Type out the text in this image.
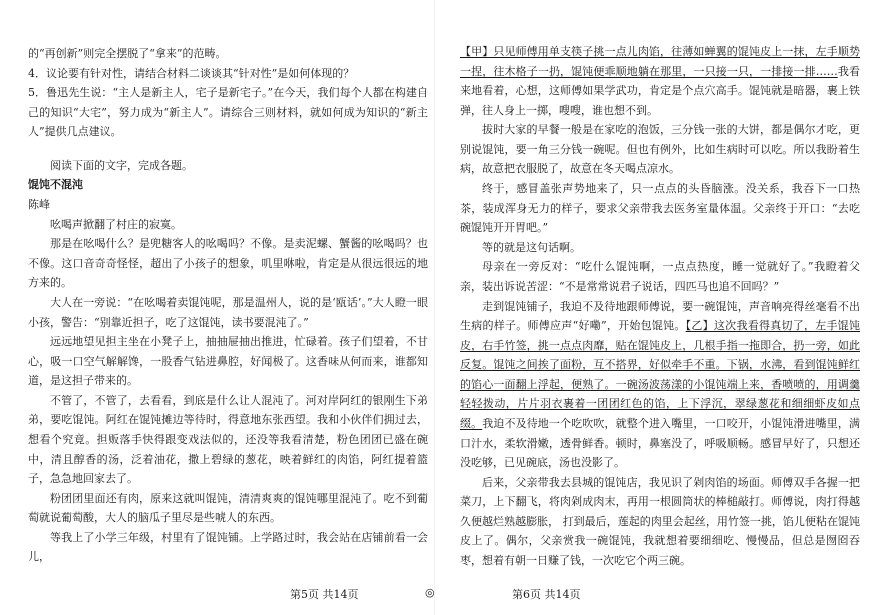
的“再创新”则完全摆脱了“拿来”的范畴。

4．议论要有针对性，请结合材料二谈谈其“针对性”是如何体现的？

5．鲁迅先生说：“主人是新主人，宅子是新宅子。”在今天，我们每个人都在构建自己的知识“大宅”，努力成为“新主人”。请综合三则材料，就如何成为知识的“新主人”提供几点建议。

阅读下面的文字，完成各题。

馄饨不混沌

陈峰

吆喝声掀翻了村庄的寂寞。

那是在吆喝什么？是兜糖客人的吆喝吗？不像。是卖泥螺、蟹酱的吆喝吗？也不像。这口音奇奇怪怪，超出了小孩子的想象，叽里咻啦，肯定是从很远很远的地方来的。

大人在一旁说：“在吆喝着卖馄饨呢，那是温州人，说的是‘瓯话’。”大人瞪一眼小孩，警告：“别靠近担子，吃了这馄饨，读书要混沌了。”

远远地望见担主坐在小凳子上，抽抽屉抽出推进，忙碌着。孩子们望着，不甘心，吸一口空气解解馋，一股香气钻进鼻腔，好闻极了。这香味从何而来，谁都知道，是这担子带来的。

不管了，不管了，去看看，到底是什么让人混沌了。河对岸阿红的银刚生下弟弟，要吃馄饨。阿红在馄饨摊边等待时，得意地东张西望。我和小伙伴们拥过去，想看个究竟。担贩落手快得跟变戏法似的，还没等我看清楚，粉色团团已盛在碗中，清且醇香的汤，泛着油花，撒上碧绿的葱花，映着鲜红的肉馅，阿红提着篮子，急急地回家去了。

粉团团里面还有肉，原来这就叫馄饨，清清爽爽的馄饨哪里混沌了。吃不到葡萄就说葡萄酸，大人的脑瓜子里尽是些唬人的东西。

等我上了小学三年级，村里有了馄饨铺。上学路过时，我会站在店铺前看一会儿，

【甲】只见师傅用单支筷子挑一点儿肉馅，往薄如蝉翼的馄饨皮上一抹，左手顺势一捏，往木格子一扔，馄饨便乖顺地躺在那里，一只接一只，一排接一排……我看来地看着，心想，这师傅如果学武功，肯定是个点穴高手。馄饨就是暗器，裹上铁弹，往人身上一掷，嗖嗖，谁也想不到。

拔时大家的早餐一般是在家吃的泡饭，三分钱一张的大饼，都是偶尔才吃，更别说馄饨，要一角三分钱一碗呢。但也有例外，比如生病时可以吃。所以我盼着生病，故意把衣服脱了，故意在冬天喝点凉水。

终于，感冒盖张声势地来了，只一点点的头昏脑涨。没关系，我吞下一口热茶，装成浑身无力的样子，要求父亲带我去医务室量体温。父亲终于开口：“去吃碗馄饨开开胃吧。”

等的就是这句话啊。

母亲在一旁反对：“吃什么馄饨啊，一点点热度，睡一觉就好了。”我瞪着父亲，装出诉说苦涩：“不是常常说君子说话，四匹马也追不回吗？”

走到馄饨铺子，我迫不及待地跟师傅说，要一碗馄饨，声音响亮得丝毫看不出生病的样子。师傅应声“好嘞”，开始包馄饨。【乙】这次我看得真切了，左手馄饨皮，右手竹签，挑一点点肉靡，贴在馄饨皮上，几根手指一拖即合，扔一旁，如此反复。馄饨之间挨了面粉，互不搭界，好似牵手不重。下锅，水沸，看到馄饨鲜红的馅心一面翻上浮起，便熟了。一碗汤波荡漾的小馄饨端上来，香喷喷的，用调羹轻轻拨动，片片羽衣裹着一团团红色的馅，上下浮沉，翠绿葱花和细细虾皮如点缀。我迫不及待地一个吃吹吹，就整个进入嘴里，一口咬开，小馄饨滑进嘴里，满口汁水，柔软滑嫩，透骨鲜香。顿时，鼻塞没了，呼吸顺畅。感冒早好了，只想还没吃够，已见碗底，汤也没影了。

后来，父亲带我去县城的馄饨店，我见识了剁肉馅的场面。师傅双手各握一把菜刀，上下翻飞，将肉剁成肉末，再用一根圆筒状的棒槌敲打。师傅说，肉打得越久便越烂熟越膨胀， 打到最后，莲起的肉里会起丝，用竹签一挑，馅儿便粘在馄饨皮上了。偶尔，父亲赏我一碗馄饨，我就想着要细细吃、慢慢品，但总是囫囵吞枣，想着有朝一日赚了钱，一次吃它个两三碗。

第5页 共14页	◎	第6页 共14页
